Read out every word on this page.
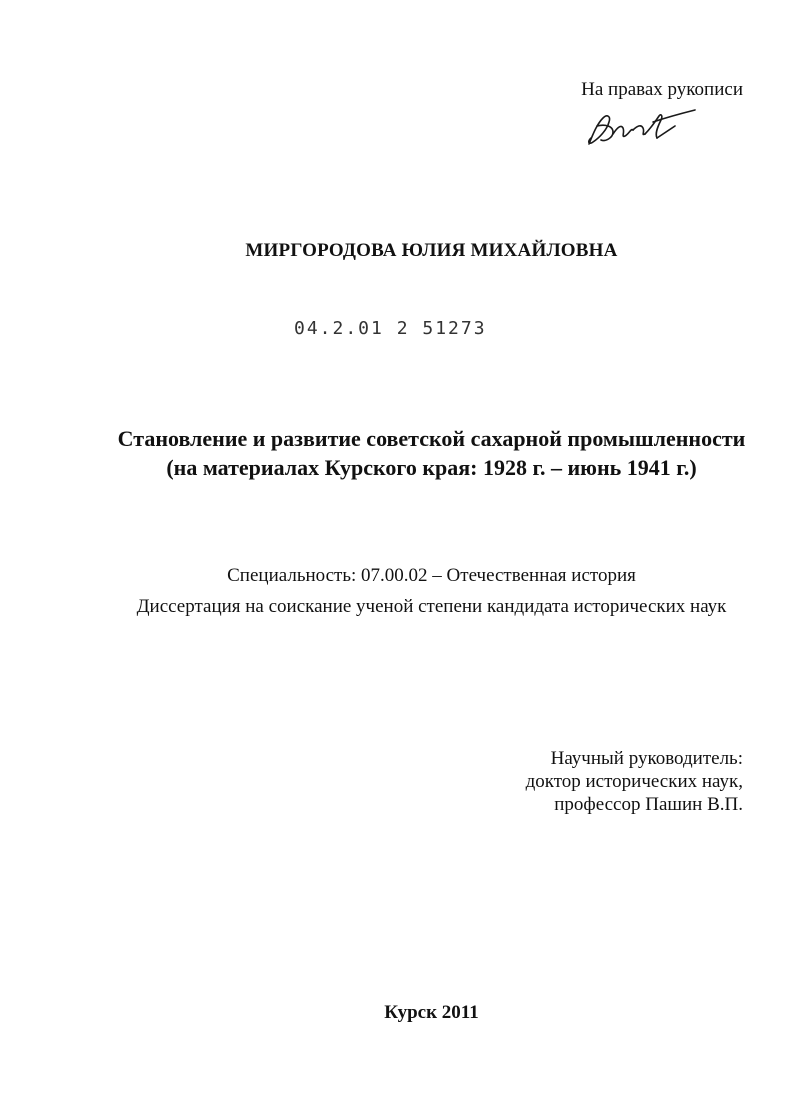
На правах рукописи
МИРГОРОДОВА ЮЛИЯ МИХАЙЛОВНА
04.2.01 2 51273
Становление и развитие советской сахарной промышленности
(на материалах Курского края: 1928 г. – июнь 1941 г.)
Специальность: 07.00.02 – Отечественная история
Диссертация на соискание ученой степени кандидата исторических наук
Научный руководитель:
доктор исторических наук,
профессор Пашин В.П.
Курск 2011
